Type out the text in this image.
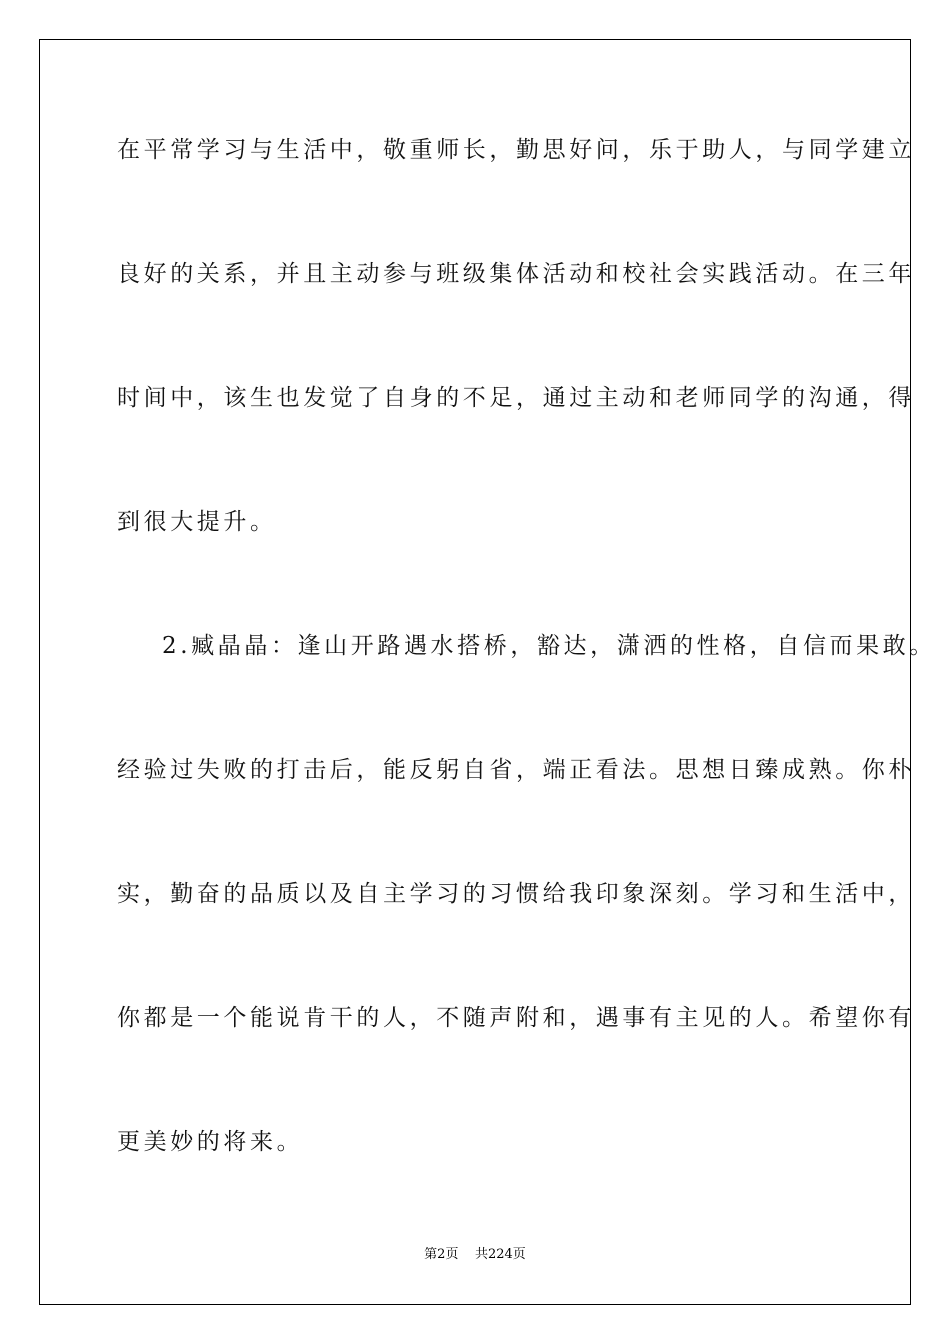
在平常学习与生活中，敬重师长，勤思好问，乐于助人，与同学建立
良好的关系，并且主动参与班级集体活动和校社会实践活动。在三年
时间中，该生也发觉了自身的不足，通过主动和老师同学的沟通，得
到很大提升。
2.臧晶晶：逢山开路遇水搭桥，豁达，潇洒的性格，自信而果敢。
经验过失败的打击后，能反躬自省，端正看法。思想日臻成熟。你朴
实，勤奋的品质以及自主学习的习惯给我印象深刻。学习和生活中，
你都是一个能说肯干的人，不随声附和，遇事有主见的人。希望你有
更美妙的将来。
第2页 共224页
